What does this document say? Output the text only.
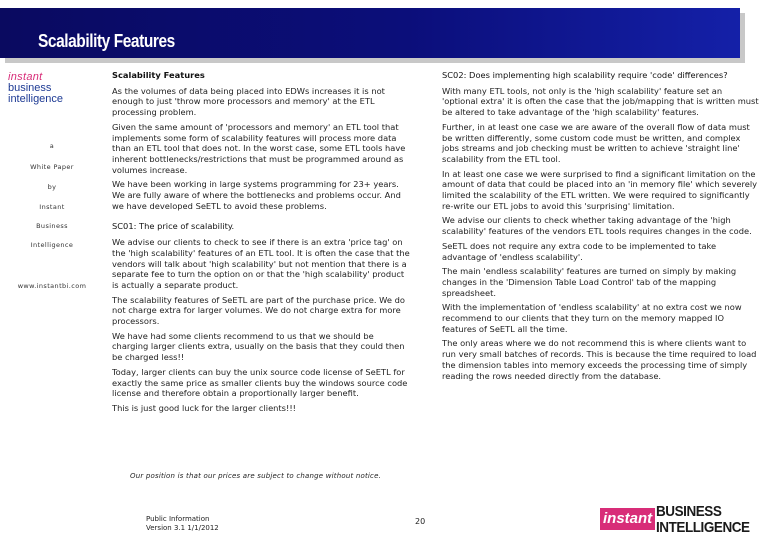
Scalability Features
instant
business
intelligence
a
White Paper
by
Instant
Business
Intelligence
www.instantbi.com
Scalability Features

As the volumes of data being placed into EDWs increases it is not enough to just 'throw more processors and memory' at the ETL processing problem.

Given the same amount of 'processors and memory' an ETL tool that implements some form of scalability features will process more data than an ETL tool that does not. In the worst case, some ETL tools have inherent bottlenecks/restrictions that must be programmed around as volumes increase.

We have been working in large systems programming for 23+ years. We are fully aware of where the bottlenecks and problems occur. And we have developed SeETL to avoid these problems.

SC01: The price of scalability.

We advise our clients to check to see if there is an extra 'price tag' on the 'high scalability' features of an ETL tool. It is often the case that the vendors will talk about 'high scalability' but not mention that there is a separate fee to turn the option on or that the 'high scalability' product is actually a separate product.

The scalability features of SeETL are part of the purchase price. We do not charge extra for larger volumes. We do not charge extra for more processors.

We have had some clients recommend to us that we should be charging larger clients extra, usually on the basis that they could then be charged less!!

Today, larger clients can buy the unix source code license of SeETL for exactly the same price as smaller clients buy the windows source code license and therefore obtain a proportionally larger benefit.

This is just good luck for the larger clients!!!

SC02: Does implementing high scalability require 'code' differences?

With many ETL tools, not only is the 'high scalability' feature set an 'optional extra' it is often the case that the job/mapping that is written must be altered to take advantage of the 'high scalability' features.

Further, in at least one case we are aware of the overall flow of data must be written differently, some custom code must be written, and complex jobs streams and job checking must be written to achieve 'straight line' scalability from the ETL tool.

In at least one case we were surprised to find a significant limitation on the amount of data that could be placed into an 'in memory file' which severely limited the scalability of the ETL written. We were required to significantly re-write our ETL jobs to avoid this 'surprising' limitation.

We advise our clients to check whether taking advantage of the 'high scalability' features of the vendors ETL tools requires changes in the code.

SeETL does not require any extra code to be implemented to take advantage of 'endless scalability'.

The main 'endless scalability' features are turned on simply by making changes in the 'Dimension Table Load Control' tab of the mapping spreadsheet.

With the implementation of 'endless scalability' at no extra cost we now recommend to our clients that they turn on the memory mapped IO features of SeETL all the time.

The only areas where we do not recommend this is where clients want to run very small batches of records. This is because the time required to load the dimension tables into memory exceeds the processing time of simply reading the rows needed directly from the database.

Our position is that our prices are subject to change without notice.
Public Information
Version 3.1 1/1/2012
20	instant BUSINESS
INTELLIGENCE
